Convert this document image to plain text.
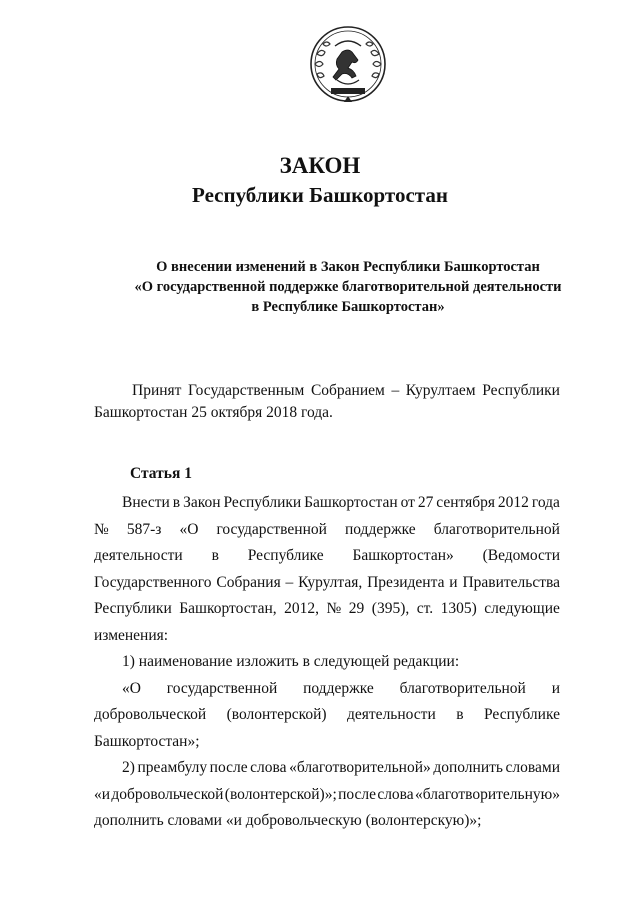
ЗАКОН
Республики Башкортостан
О внесении изменений в Закон Республики Башкортостан
«О государственной поддержке благотворительной деятельности
в Республике Башкортостан»
Принят Государственным Собранием – Курултаем Республики
Башкортостан 25 октября 2018 года.
Статья 1
Внести в Закон Республики Башкортостан от 27 сентября 2012 года
№ 587-з «О государственной поддержке благотворительной
деятельности в Республике Башкортостан» (Ведомости
Государственного Собрания – Курултая, Президента и Правительства
Республики Башкортостан, 2012, № 29 (395), ст. 1305) следующие
изменения:
1) наименование изложить в следующей редакции:
«О государственной поддержке благотворительной и
добровольческой (волонтерской) деятельности в Республике
Башкортостан»;
2) преамбулу после слова «благотворительной» дополнить словами
«и добровольческой (волонтерской)»; после слова «благотворительную»
дополнить словами «и добровольческую (волонтерскую)»;
